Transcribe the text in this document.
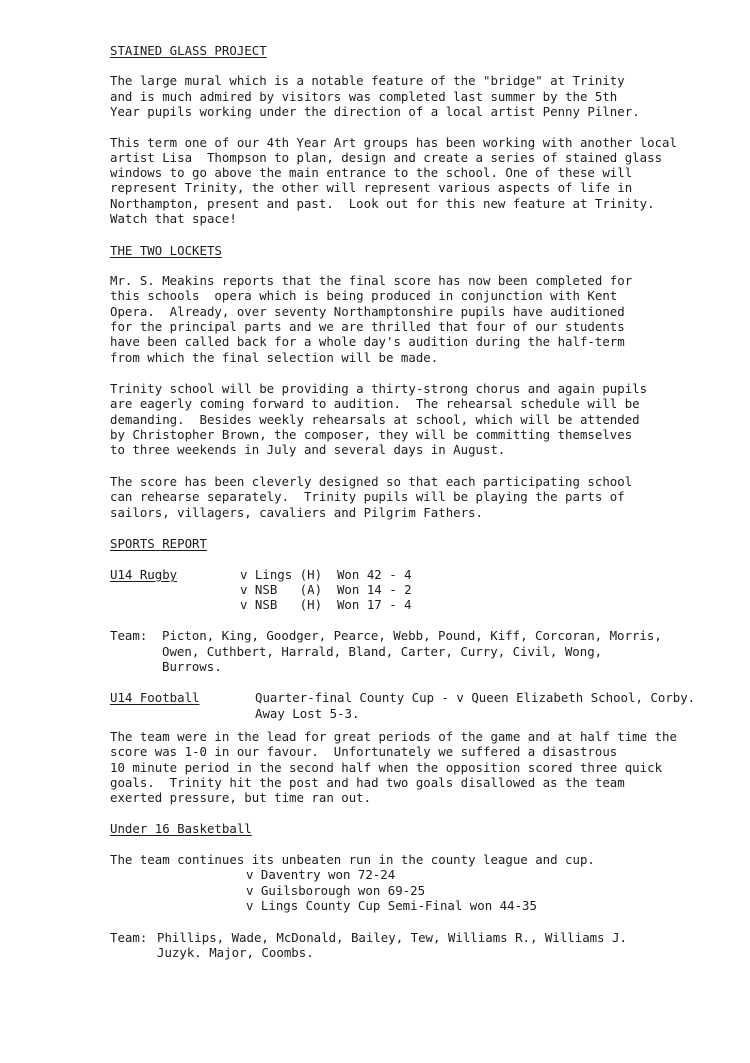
STAINED GLASS PROJECT
The large mural which is a notable feature of the "bridge" at Trinity
and is much admired by visitors was completed last summer by the 5th
Year pupils working under the direction of a local artist Penny Pilner.
This term one of our 4th Year Art groups has been working with another local
artist Lisa  Thompson to plan, design and create a series of stained glass
windows to go above the main entrance to the school. One of these will
represent Trinity, the other will represent various aspects of life in
Northampton, present and past.  Look out for this new feature at Trinity.
Watch that space!
THE TWO LOCKETS
Mr. S. Meakins reports that the final score has now been completed for
this schools  opera which is being produced in conjunction with Kent
Opera.  Already, over seventy Northamptonshire pupils have auditioned
for the principal parts and we are thrilled that four of our students
have been called back for a whole day's audition during the half-term
from which the final selection will be made.
Trinity school will be providing a thirty-strong chorus and again pupils
are eagerly coming forward to audition.  The rehearsal schedule will be
demanding.  Besides weekly rehearsals at school, which will be attended
by Christopher Brown, the composer, they will be committing themselves
to three weekends in July and several days in August.
The score has been cleverly designed so that each participating school
can rehearse separately.  Trinity pupils will be playing the parts of
sailors, villagers, cavaliers and Pilgrim Fathers.
SPORTS REPORT
U14 Rugby	v Lings (H)  Won 42 - 4
v NSB   (A)  Won 14 - 2
v NSB   (H)  Won 17 - 4
Team: Picton, King, Goodger, Pearce, Webb, Pound, Kiff, Corcoran, Morris,
Owen, Cuthbert, Harrald, Bland, Carter, Curry, Civil, Wong,
Burrows.
U14 Football	Quarter-final County Cup - v Queen Elizabeth School, Corby.
Away Lost 5-3.
The team were in the lead for great periods of the game and at half time the
score was 1-0 in our favour.  Unfortunately we suffered a disastrous
10 minute period in the second half when the opposition scored three quick
goals.  Trinity hit the post and had two goals disallowed as the team
exerted pressure, but time ran out.
Under 16 Basketball
The team continues its unbeaten run in the county league and cup.
v Daventry won 72-24
v Guilsborough won 69-25
v Lings County Cup Semi-Final won 44-35
Team: Phillips, Wade, McDonald, Bailey, Tew, Williams R., Williams J.
Juzyk. Major, Coombs.
